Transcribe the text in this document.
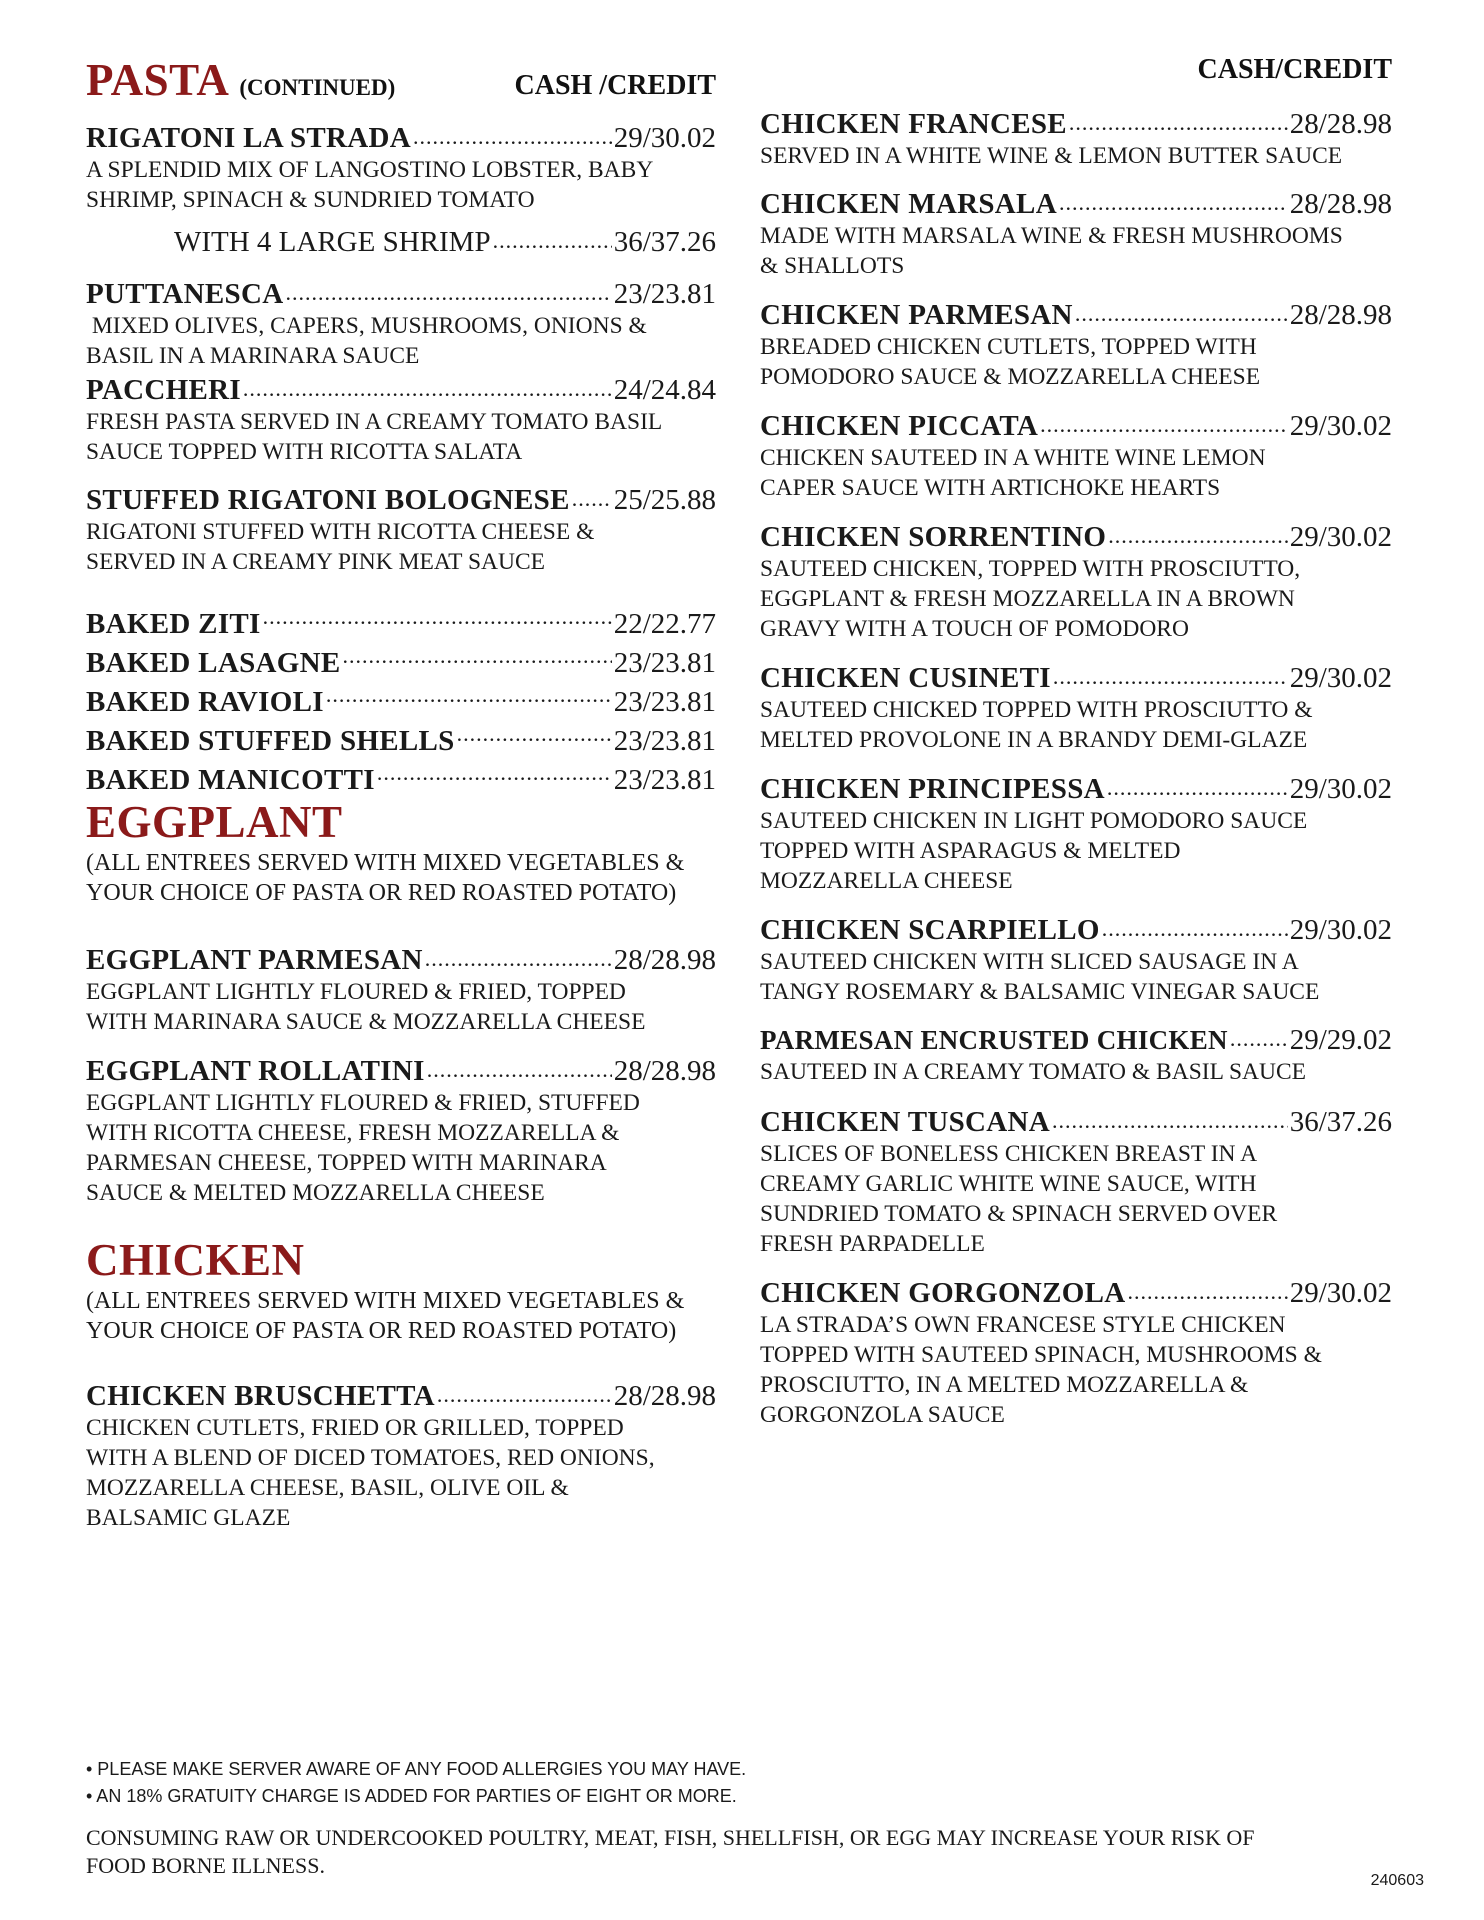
PASTA (CONTINUED)	CASH /CREDIT
RIGATONI LA STRADA .....	29/30.02
A SPLENDID MIX OF LANGOSTINO LOBSTER, BABY
SHRIMP, SPINACH & SUNDRIED TOMATO
WITH 4 LARGE SHRIMP .....	36/37.26
PUTTANESCA .....	23/23.81
MIXED OLIVES, CAPERS, MUSHROOMS, ONIONS &
BASIL IN A MARINARA SAUCE
PACCHERI .....	24/24.84
FRESH PASTA SERVED IN A CREAMY TOMATO BASIL
SAUCE TOPPED WITH RICOTTA SALATA
STUFFED RIGATONI BOLOGNESE ..... 25/25.88
RIGATONI STUFFED WITH RICOTTA CHEESE &
SERVED IN A CREAMY PINK MEAT SAUCE
BAKED ZITI .....	22/22.77
BAKED LASAGNE .....	23/23.81
BAKED RAVIOLI .....	23/23.81
BAKED STUFFED SHELLS .....	23/23.81
BAKED MANICOTTI .....	23/23.81
EGGPLANT
(ALL ENTREES SERVED WITH MIXED VEGETABLES &
YOUR CHOICE OF PASTA OR RED ROASTED POTATO)
EGGPLANT PARMESAN .....	28/28.98
EGGPLANT LIGHTLY FLOURED & FRIED, TOPPED
WITH MARINARA SAUCE & MOZZARELLA CHEESE
EGGPLANT ROLLATINI .....	28/28.98
EGGPLANT LIGHTLY FLOURED & FRIED, STUFFED
WITH RICOTTA CHEESE, FRESH MOZZARELLA &
PARMESAN CHEESE, TOPPED WITH MARINARA
SAUCE & MELTED MOZZARELLA CHEESE
CHICKEN
(ALL ENTREES SERVED WITH MIXED VEGETABLES &
YOUR CHOICE OF PASTA OR RED ROASTED POTATO)
CHICKEN BRUSCHETTA .....	28/28.98
CHICKEN CUTLETS, FRIED OR GRILLED, TOPPED
WITH A BLEND OF DICED TOMATOES, RED ONIONS,
MOZZARELLA CHEESE, BASIL, OLIVE OIL &
BALSAMIC GLAZE
CASH/CREDIT
CHICKEN FRANCESE .....	28/28.98
SERVED IN A WHITE WINE & LEMON BUTTER SAUCE
CHICKEN MARSALA .....	28/28.98
MADE WITH MARSALA WINE & FRESH MUSHROOMS
& SHALLOTS
CHICKEN PARMESAN .....	28/28.98
BREADED CHICKEN CUTLETS, TOPPED WITH
POMODORO SAUCE & MOZZARELLA CHEESE
CHICKEN PICCATA .....	29/30.02
CHICKEN SAUTEED IN A WHITE WINE LEMON
CAPER SAUCE WITH ARTICHOKE HEARTS
CHICKEN SORRENTINO .....	29/30.02
SAUTEED CHICKEN, TOPPED WITH PROSCIUTTO,
EGGPLANT & FRESH MOZZARELLA IN A BROWN
GRAVY WITH A TOUCH OF POMODORO
CHICKEN CUSINETI .....	29/30.02
SAUTEED CHICKED TOPPED WITH PROSCIUTTO &
MELTED PROVOLONE IN A BRANDY DEMI-GLAZE
CHICKEN PRINCIPESSA .....	29/30.02
SAUTEED CHICKEN IN LIGHT POMODORO SAUCE
TOPPED WITH ASPARAGUS & MELTED
MOZZARELLA CHEESE
CHICKEN SCARPIELLO .....	29/30.02
SAUTEED CHICKEN WITH SLICED SAUSAGE IN A
TANGY ROSEMARY & BALSAMIC VINEGAR SAUCE
PARMESAN ENCRUSTED CHICKEN ..... 29/29.02
SAUTEED IN A CREAMY TOMATO & BASIL SAUCE
CHICKEN TUSCANA .....	36/37.26
SLICES OF BONELESS CHICKEN BREAST IN A
CREAMY GARLIC WHITE WINE SAUCE, WITH
SUNDRIED TOMATO & SPINACH SERVED OVER
FRESH PARPADELLE
CHICKEN GORGONZOLA .....	29/30.02
LA STRADA’S OWN FRANCESE STYLE CHICKEN
TOPPED WITH SAUTEED SPINACH, MUSHROOMS &
PROSCIUTTO, IN A MELTED MOZZARELLA &
GORGONZOLA SAUCE
• PLEASE MAKE SERVER AWARE OF ANY FOOD ALLERGIES YOU MAY HAVE.
• AN 18% GRATUITY CHARGE IS ADDED FOR PARTIES OF EIGHT OR MORE.
CONSUMING RAW OR UNDERCOOKED POULTRY, MEAT, FISH, SHELLFISH, OR EGG MAY INCREASE YOUR RISK OF
FOOD BORNE ILLNESS.
240603
